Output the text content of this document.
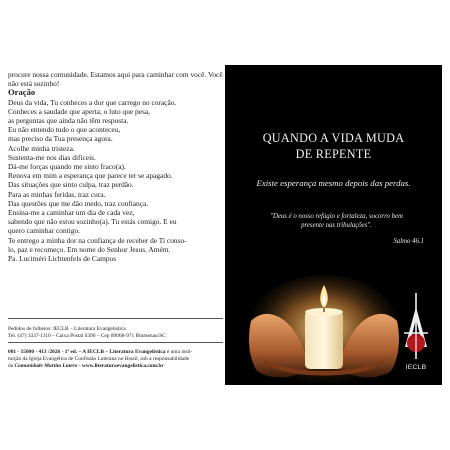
procure nossa comunidade. Estamos aqui para caminhar com você. Você não está sozinho!

Oração

Deus da vida, Tu conheces a dor que carrego no coração.
Conheces a saudade que aperta, o luto que pesa,
as perguntas que ainda não têm resposta.
Eu não entendo tudo o que aconteceu,
mas preciso da Tua presença agora.
Acolhe minha tristeza.
Sustenta-me nos dias difíceis.
Dá-me forças quando me sinto fraco(a).
Renova em mim a esperança que parece ter se apagado.
Das situações que sinto culpa, traz perdão.
Para as minhas feridas, traz cura.
Das questões que me dão medo, traz confiança.
Ensina-me a caminhar um dia de cada vez,
sabendo que não estou sozinho(a). Tu estás comigo. E eu
quero caminhar contigo.
Te entrego a minha dor na confiança de receber de Ti conso-
lo, paz e recomeço. Em nome do Senhor Jesus. Amém.

Pa. Luciméri Lichtenfels de Campos

Pedidos de folhetos: IECLB – Literatura Evangelística
Tel. (47) 3337-1110 – Caixa Postal 6390 – Cep 89068-971 Blumenau/SC
001 - 15000 - 413 /2026 - 1ª ed. – A IECLB – Literatura Evangelística é uma insti-
tuição da Igreja Evangélica de Confissão Luterana no Brasil, sob a responsabilidade
da Comunidade Martim Lutero - www.literaturaevangelistica.com.br
QUANDO A VIDA MUDA
DE REPENTE
Existe esperança mesmo depois das perdas.
"Deus é o nosso refúgio e fortaleza, socorro bem
presente nas tribulações".
Salmo 46.1
IECLB
